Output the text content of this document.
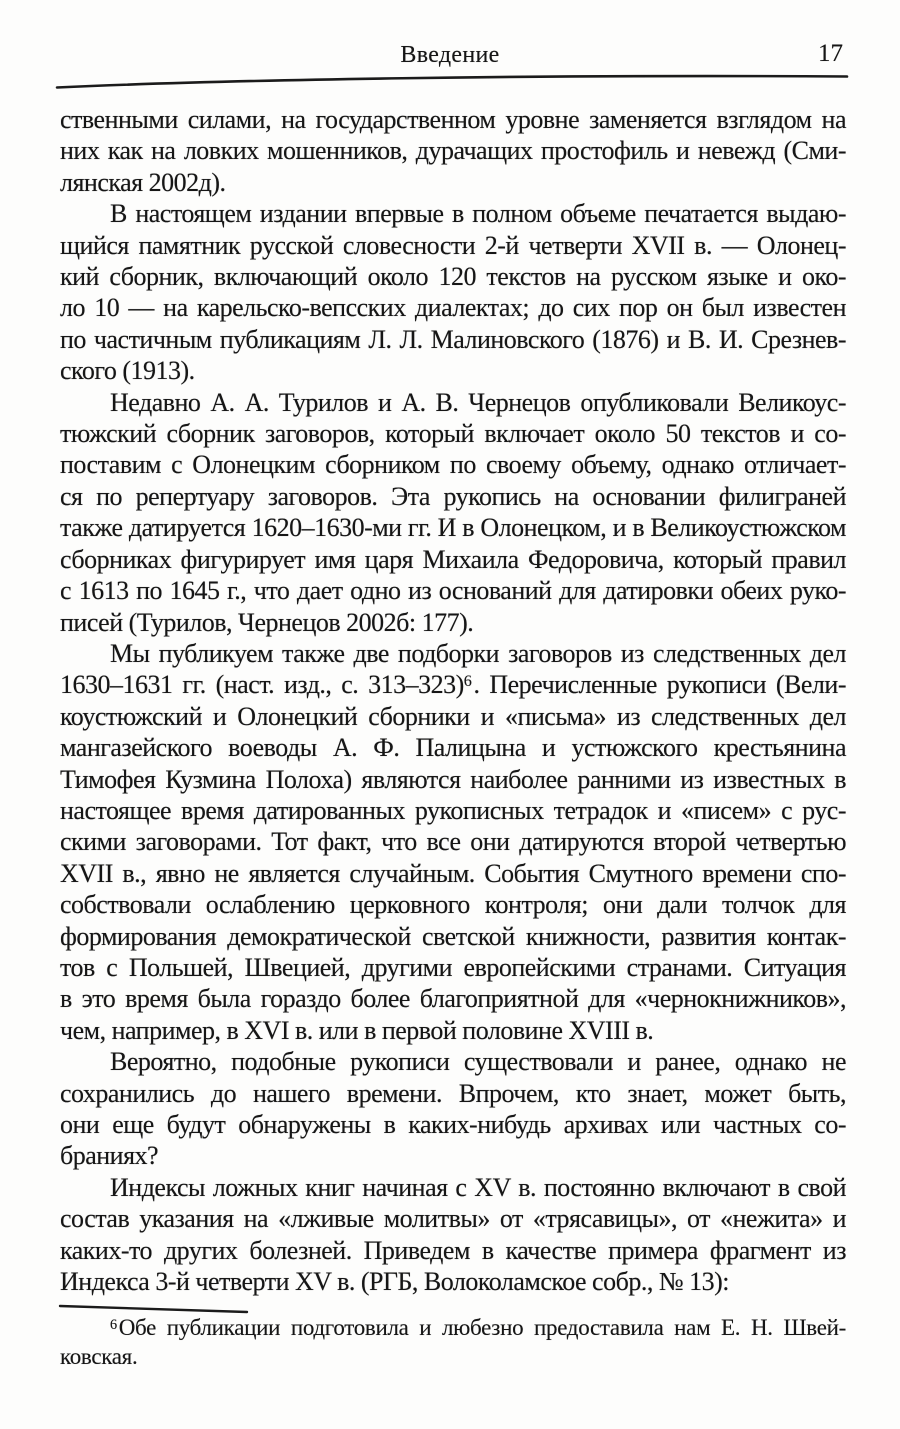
Введение	17
ственными силами, на государственном уровне заменяется взглядом на
них как на ловких мошенников, дурачащих простофиль и невежд (Сми-
лянская 2002д).
В настоящем издании впервые в полном объеме печатается выдаю-
щийся памятник русской словесности 2-й четверти XVII в. — Олонец-
кий сборник, включающий около 120 текстов на русском языке и око-
ло 10 — на карельско-вепсских диалектах; до сих пор он был известен
по частичным публикациям Л. Л. Малиновского (1876) и В. И. Срезнев-
ского (1913).
Недавно А. А. Турилов и А. В. Чернецов опубликовали Великоус-
тюжский сборник заговоров, который включает около 50 текстов и со-
поставим с Олонецким сборником по своему объему, однако отличает-
ся по репертуару заговоров. Эта рукопись на основании филиграней
также датируется 1620–1630-ми гг. И в Олонецком, и в Великоустюжском
сборниках фигурирует имя царя Михаила Федоровича, который правил
с 1613 по 1645 г., что дает одно из оснований для датировки обеих руко-
писей (Турилов, Чернецов 2002б: 177).
Мы публикуем также две подборки заговоров из следственных дел
1630–1631 гг. (наст. изд., с. 313–323)$^6$ . Перечисленные рукописи (Вели-
коустюжский и Олонецкий сборники и «письма» из следственных дел
мангазейского воеводы А. Ф. Палицына и устюжского крестьянина
Тимофея Кузмина Полоха) являются наиболее ранними из известных в
настоящее время датированных рукописных тетрадок и «писем» с рус-
скими заговорами. Тот факт, что все они датируются второй четвертью
XVII в., явно не является случайным. События Смутного времени спо-
собствовали ослаблению церковного контроля; они дали толчок для
формирования демократической светской книжности, развития контак-
тов с Польшей, Швецией, другими европейскими странами. Ситуация
в это время была гораздо более благоприятной для «чернокнижников»,
чем, например, в XVI в. или в первой половине XVIII в.
Вероятно, подобные рукописи существовали и ранее, однако не
сохранились до нашего времени. Впрочем, кто знает, может быть,
они еще будут обнаружены в каких-нибудь архивах или частных со-
браниях?
Индексы ложных книг начиная с XV в. постоянно включают в свой
состав указания на «лживые молитвы» от «трясавицы», от «нежита» и
каких-то других болезней. Приведем в качестве примера фрагмент из
Индекса 3-й четверти XV в. (РГБ, Волоколамское собр., № 13):
$^6$ Обе публикации подготовила и любезно предоставила нам Е. Н. Швей-
ковская.
